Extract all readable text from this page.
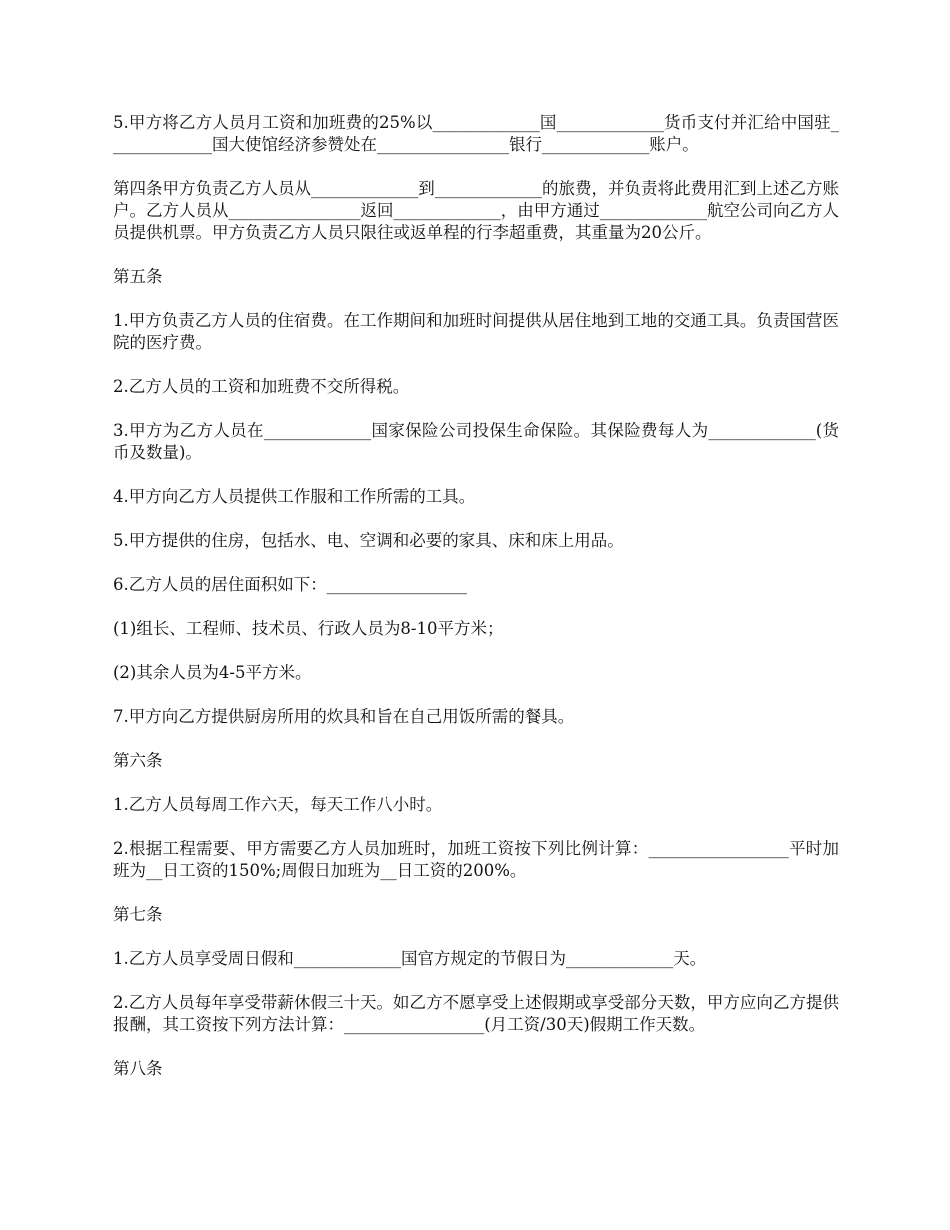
5.甲方将乙方人员月工资和加班费的25%以_____________国_____________货币支付并汇给中国驻_____________国大使馆经济参赞处在________________银行_____________账户。

第四条甲方负责乙方人员从_____________到_____________的旅费，并负责将此费用汇到上述乙方账户。乙方人员从________________返回_____________，由甲方通过_____________航空公司向乙方人员提供机票。甲方负责乙方人员只限往或返单程的行李超重费，其重量为20公斤。

第五条

1.甲方负责乙方人员的住宿费。在工作期间和加班时间提供从居住地到工地的交通工具。负责国营医院的医疗费。

2.乙方人员的工资和加班费不交所得税。

3.甲方为乙方人员在_____________国家保险公司投保生命保险。其保险费每人为_____________(货币及数量)。

4.甲方向乙方人员提供工作服和工作所需的工具。

5.甲方提供的住房，包括水、电、空调和必要的家具、床和床上用品。

6.乙方人员的居住面积如下：_________________

(1)组长、工程师、技术员、行政人员为8-10平方米；

(2)其余人员为4-5平方米。

7.甲方向乙方提供厨房所用的炊具和旨在自己用饭所需的餐具。

第六条

1.乙方人员每周工作六天，每天工作八小时。

2.根据工程需要、甲方需要乙方人员加班时，加班工资按下列比例计算：_________________平时加班为__日工资的150%;周假日加班为__日工资的200%。

第七条

1.乙方人员享受周日假和_____________国官方规定的节假日为_____________天。

2.乙方人员每年享受带薪休假三十天。如乙方不愿享受上述假期或享受部分天数，甲方应向乙方提供报酬，其工资按下列方法计算：_________________(月工资/30天)假期工作天数。

第八条
